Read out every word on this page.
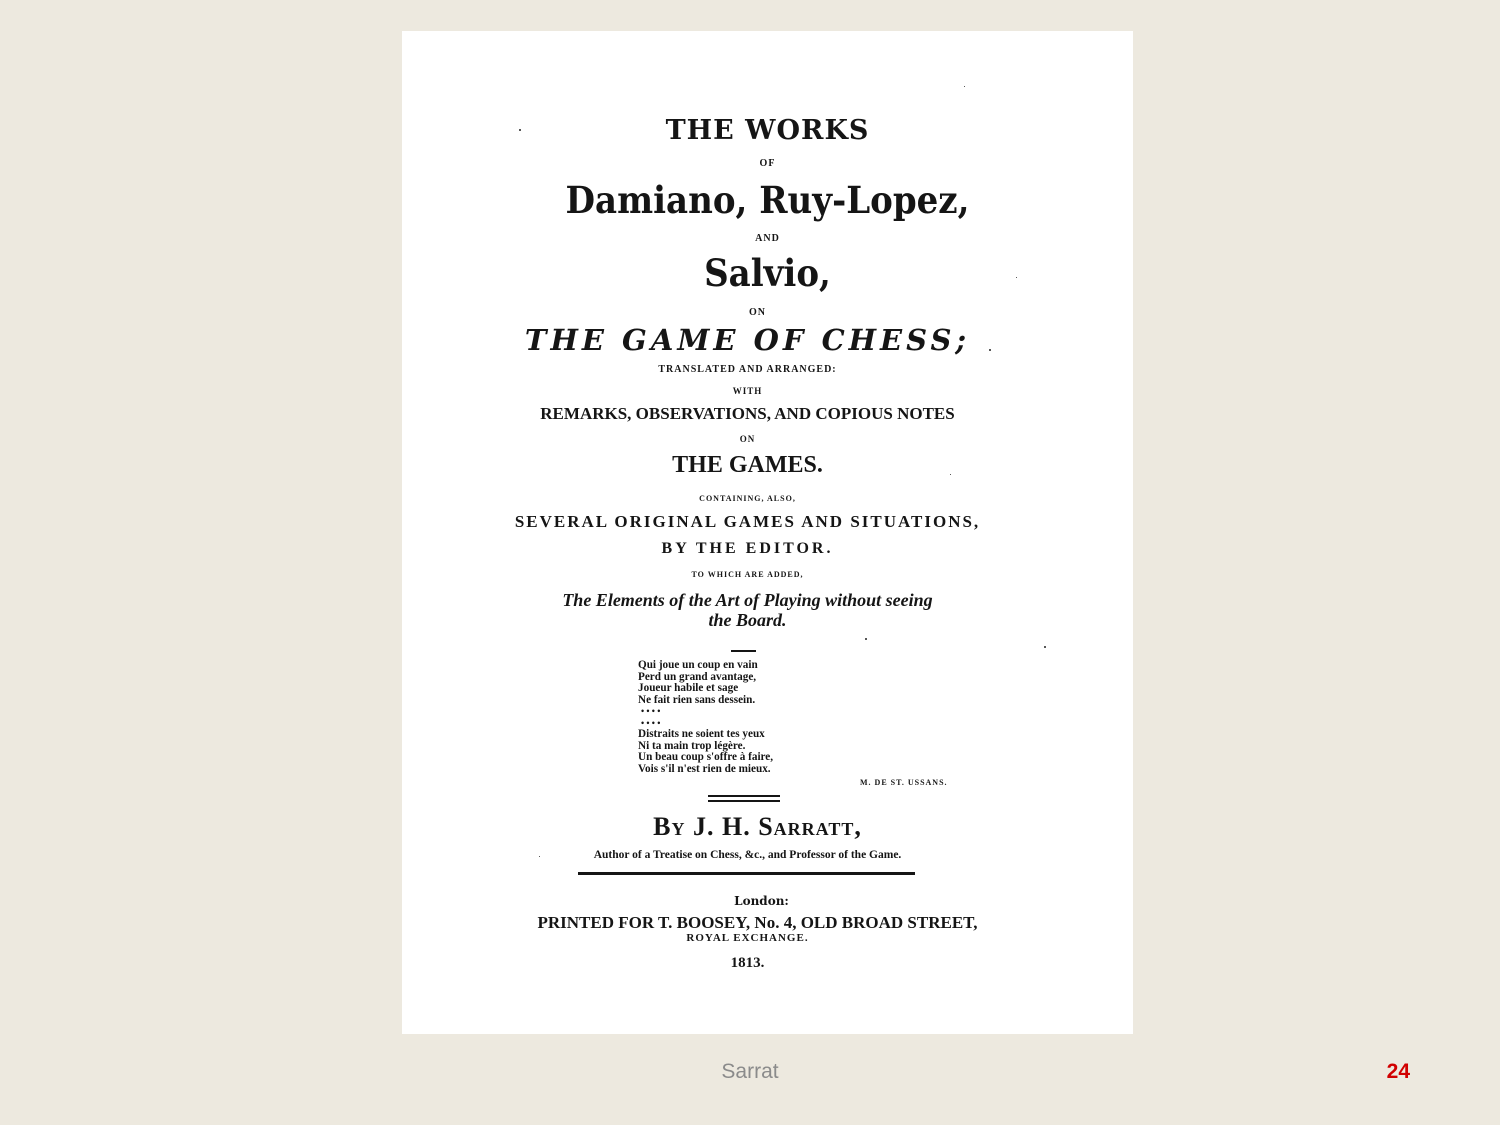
THE WORKS
OF
Damiano, Ruy-Lopez,
AND
Salvio,
ON
THE GAME OF CHESS;
TRANSLATED AND ARRANGED:
WITH
REMARKS, OBSERVATIONS, AND COPIOUS NOTES
ON
THE GAMES.
CONTAINING, ALSO,
SEVERAL ORIGINAL GAMES AND SITUATIONS,
BY THE EDITOR.
TO WHICH ARE ADDED,
The Elements of the Art of Playing without seeing
the Board.
Qui joue un coup en vain
Perd un grand avantage,
Joueur habile et sage
Ne fait rien sans dessein.
• • • •
• • • •
Distraits ne soient tes yeux
Ni ta main trop légère.
Un beau coup s'offre à faire,
Vois s'il n'est rien de mieux.
M. DE ST. USSANS.
By J. H. Sarratt,
Author of a Treatise on Chess, &c., and Professor of the Game.
London:
PRINTED FOR T. BOOSEY, No. 4, OLD BROAD STREET,
ROYAL EXCHANGE.
1813.
Sarrat	24
